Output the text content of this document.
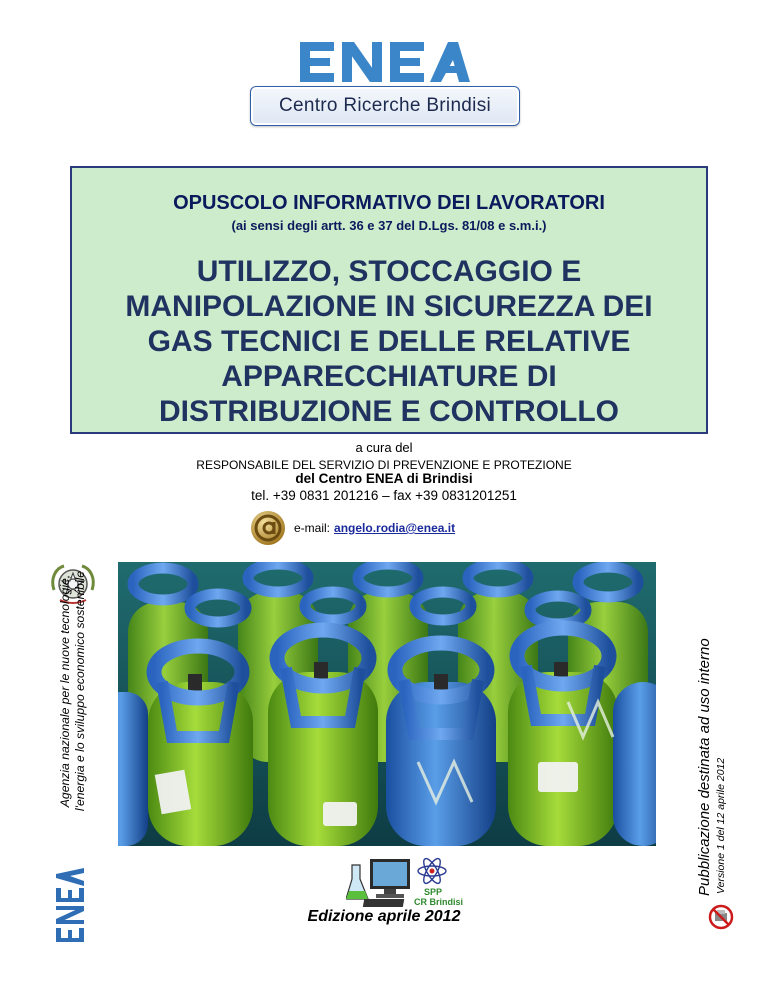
Centro Ricerche Brindisi
OPUSCOLO INFORMATIVO DEI LAVORATORI
(ai sensi degli artt. 36 e 37 del D.Lgs. 81/08 e s.m.i.)
UTILIZZO, STOCCAGGIO E
MANIPOLAZIONE IN SICUREZZA DEI
GAS TECNICI E DELLE RELATIVE
APPARECCHIATURE DI
DISTRIBUZIONE E CONTROLLO
a cura del
RESPONSABILE DEL SERVIZIO DI PREVENZIONE E PROTEZIONE
del Centro ENEA di Brindisi
tel. +39 0831 201216 – fax +39 0831201251
e-mail: angelo.rodia@enea.it
Agenzia nazionale per le nuove tecnologie, l'energia e lo sviluppo economico sostenibile	Pubblicazione destinata ad uso interno Versione 1 del 12 aprile 2012
SPP
CR Brindisi
Edizione aprile 2012
